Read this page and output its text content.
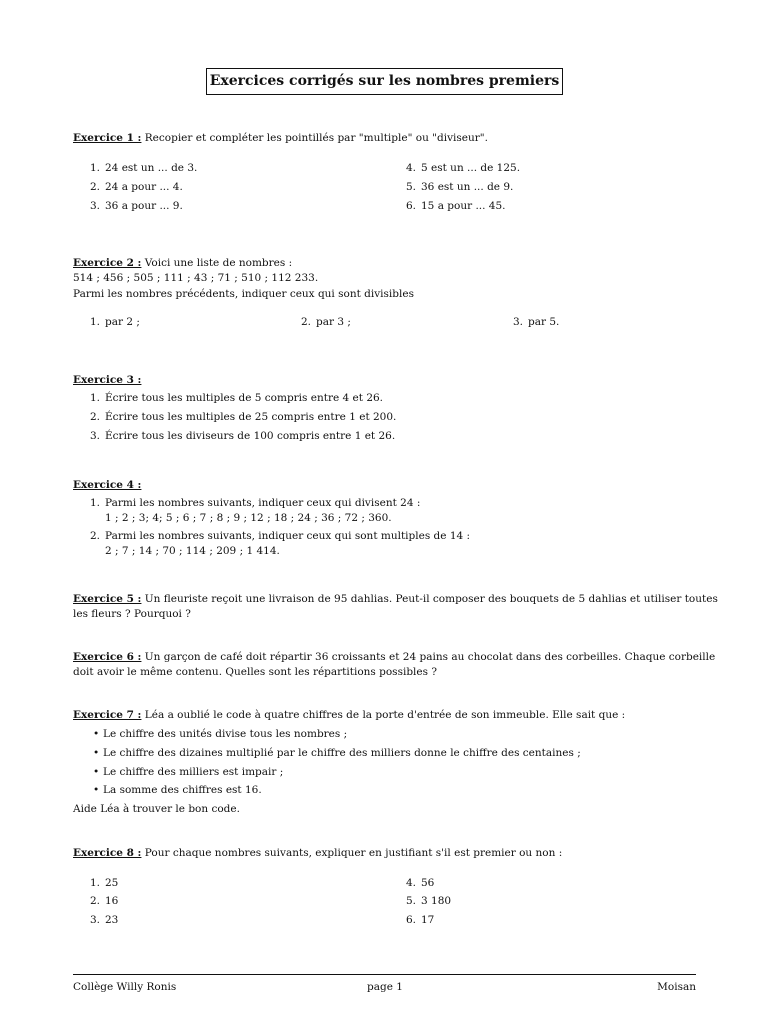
Exercices corrigés sur les nombres premiers
Exercice 1 : Recopier et compléter les pointillés par "multiple" ou "diviseur".
1. 24 est un ... de 3.
2. 24 a pour ... 4.
3. 36 a pour ... 9.
4. 5 est un ... de 125.
5. 36 est un ... de 9.
6. 15 a pour ... 45.
Exercice 2 : Voici une liste de nombres :
514 ; 456 ; 505 ; 111 ; 43 ; 71 ; 510 ; 112 233.
Parmi les nombres précédents, indiquer ceux qui sont divisibles
1. par 2 ;	2. par 3 ;	3. par 5.
Exercice 3 :
1. Écrire tous les multiples de 5 compris entre 4 et 26.
2. Écrire tous les multiples de 25 compris entre 1 et 200.
3. Écrire tous les diviseurs de 100 compris entre 1 et 26.
Exercice 4 :
1. Parmi les nombres suivants, indiquer ceux qui divisent 24 :
1 ; 2 ; 3; 4; 5 ; 6 ; 7 ; 8 ; 9 ; 12 ; 18 ; 24 ; 36 ; 72 ; 360.
2. Parmi les nombres suivants, indiquer ceux qui sont multiples de 14 :
2 ; 7 ; 14 ; 70 ; 114 ; 209 ; 1 414.
Exercice 5 : Un fleuriste reçoit une livraison de 95 dahlias. Peut-il composer des bouquets de 5 dahlias et utiliser toutes
les fleurs ? Pourquoi ?
Exercice 6 : Un garçon de café doit répartir 36 croissants et 24 pains au chocolat dans des corbeilles. Chaque corbeille
doit avoir le même contenu. Quelles sont les répartitions possibles ?
Exercice 7 : Léa a oublié le code à quatre chiffres de la porte d'entrée de son immeuble. Elle sait que :
• Le chiffre des unités divise tous les nombres ;
• Le chiffre des dizaines multiplié par le chiffre des milliers donne le chiffre des centaines ;
• Le chiffre des milliers est impair ;
• La somme des chiffres est 16.
Aide Léa à trouver le bon code.
Exercice 8 : Pour chaque nombres suivants, expliquer en justifiant s'il est premier ou non :
1. 25
2. 16
3. 23
4. 56
5. 3 180
6. 17
Collège Willy Ronis	page 1	Moisan
